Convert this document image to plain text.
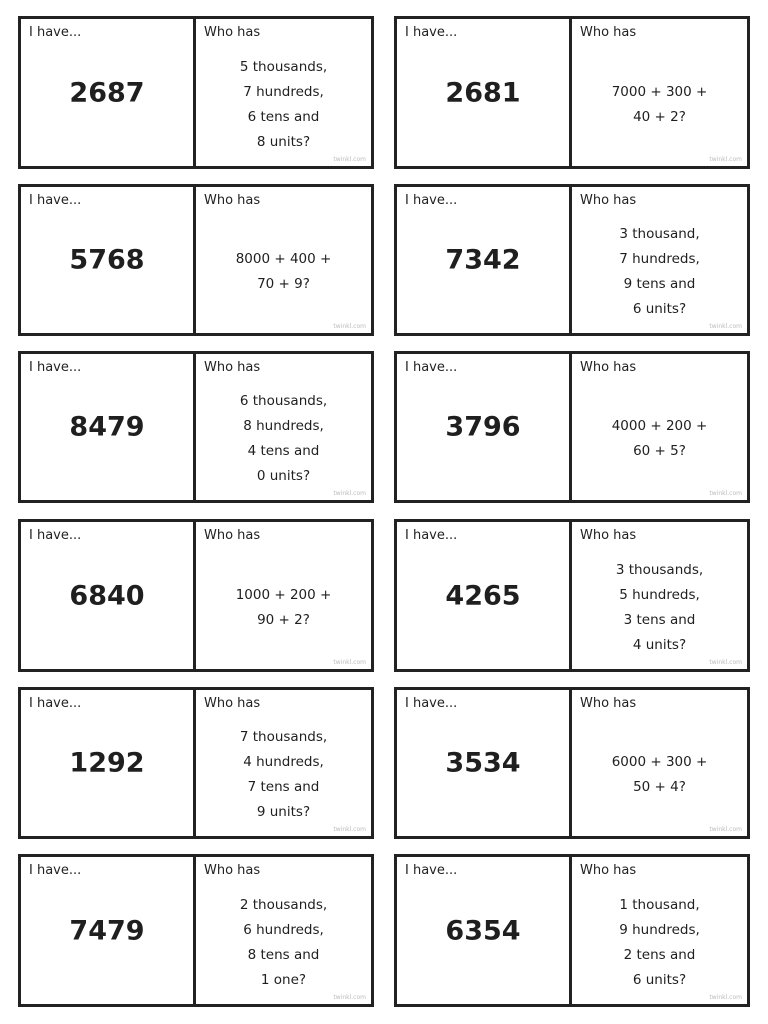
I have...
2687
Who has
5 thousands,
7 hundreds,
6 tens and
8 units?
twinkl.com
I have...
2681
Who has
7000 + 300 +
40 + 2?
twinkl.com
I have...
5768
Who has
8000 + 400 +
70 + 9?
twinkl.com
I have...
7342
Who has
3 thousand,
7 hundreds,
9 tens and
6 units?
twinkl.com
I have...
8479
Who has
6 thousands,
8 hundreds,
4 tens and
0 units?
twinkl.com
I have...
3796
Who has
4000 + 200 +
60 + 5?
twinkl.com
I have...
6840
Who has
1000 + 200 +
90 + 2?
twinkl.com
I have...
4265
Who has
3 thousands,
5 hundreds,
3 tens and
4 units?
twinkl.com
I have...
1292
Who has
7 thousands,
4 hundreds,
7 tens and
9 units?
twinkl.com
I have...
3534
Who has
6000 + 300 +
50 + 4?
twinkl.com
I have...
7479
Who has
2 thousands,
6 hundreds,
8 tens and
1 one?
twinkl.com
I have...
6354
Who has
1 thousand,
9 hundreds,
2 tens and
6 units?
twinkl.com
